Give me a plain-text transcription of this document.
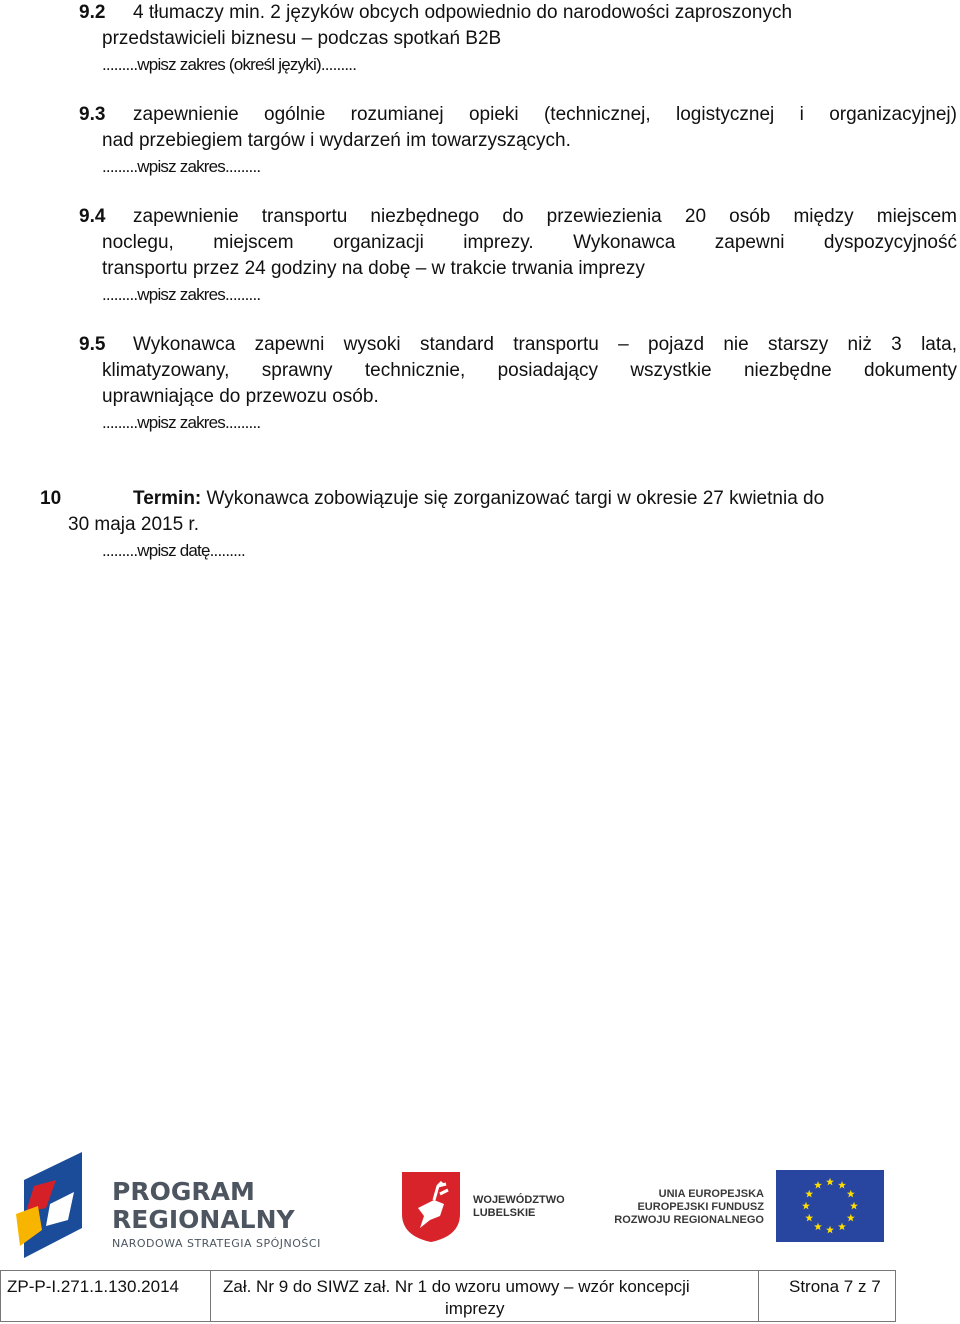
9.2 4 tłumaczy min. 2 języków obcych odpowiednio do narodowości zaproszonych
przedstawicieli biznesu – podczas spotkań B2B
.........wpisz zakres (określ języki).........
9.3 zapewnienie ogólnie rozumianej opieki (technicznej, logistycznej i organizacyjnej)
nad przebiegiem targów i wydarzeń im towarzyszących.
.........wpisz zakres.........
9.4 zapewnienie transportu niezbędnego do przewiezienia 20 osób między miejscem
noclegu, miejscem organizacji imprezy. Wykonawca zapewni dyspozycyjność
transportu przez 24 godziny na dobę – w trakcie trwania imprezy
.........wpisz zakres.........
9.5 Wykonawca zapewni wysoki standard transportu – pojazd nie starszy niż 3 lata,
klimatyzowany, sprawny technicznie, posiadający wszystkie niezbędne dokumenty
uprawniające do przewozu osób.
.........wpisz zakres.........
10	Termin: Wykonawca zobowiązuje się zorganizować targi w okresie 27 kwietnia do
30 maja 2015 r.
.........wpisz datę.........
PROGRAM
REGIONALNY
NARODOWA STRATEGIA SPÓJNOŚCI
WOJEWÓDZTWO
LUBELSKIE
UNIA EUROPEJSKA
EUROPEJSKI FUNDUSZ
ROZWOJU REGIONALNEGO
ZP-P-I.271.1.130.2014	Zał. Nr 9 do SIWZ zał. Nr 1 do wzoru umowy – wzór koncepcji
imprezy
Strona 7 z 7
